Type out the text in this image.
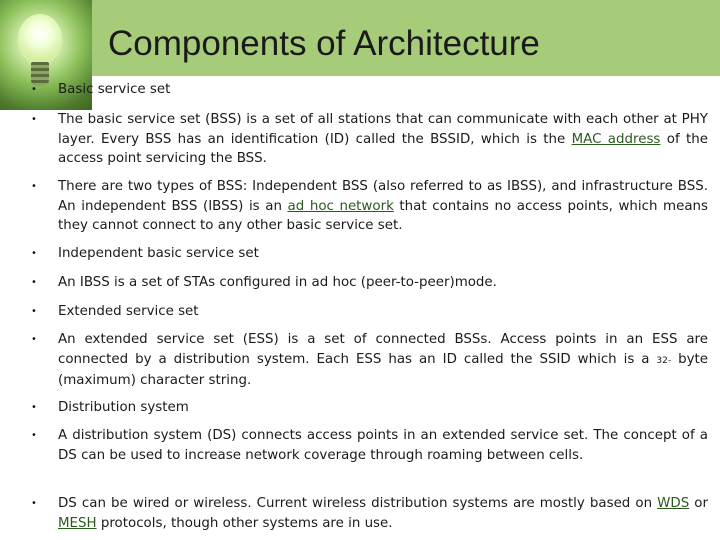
Components of Architecture
• Basic service set

• The basic service set (BSS) is a set of all stations that can communicate with each other at PHY layer. Every BSS has an identification (ID) called the BSSID, which is the MAC address of the access point servicing the BSS.

• There are two types of BSS: Independent BSS (also referred to as IBSS), and infrastructure BSS. An independent BSS (IBSS) is an ad hoc network that contains no access points, which means they cannot connect to any other basic service set.

• Independent basic service set

• An IBSS is a set of STAs configured in ad hoc (peer-to-peer)mode.

• Extended service set

• An extended service set (ESS) is a set of connected BSSs. Access points in an ESS are connected by a distribution system. Each ESS has an ID called the SSID which is a 32- byte (maximum) character string.

• Distribution system

• A distribution system (DS) connects access points in an extended service set. The concept of a DS can be used to increase network coverage through roaming between cells.

• DS can be wired or wireless. Current wireless distribution systems are mostly based on WDS or MESH protocols, though other systems are in use.
